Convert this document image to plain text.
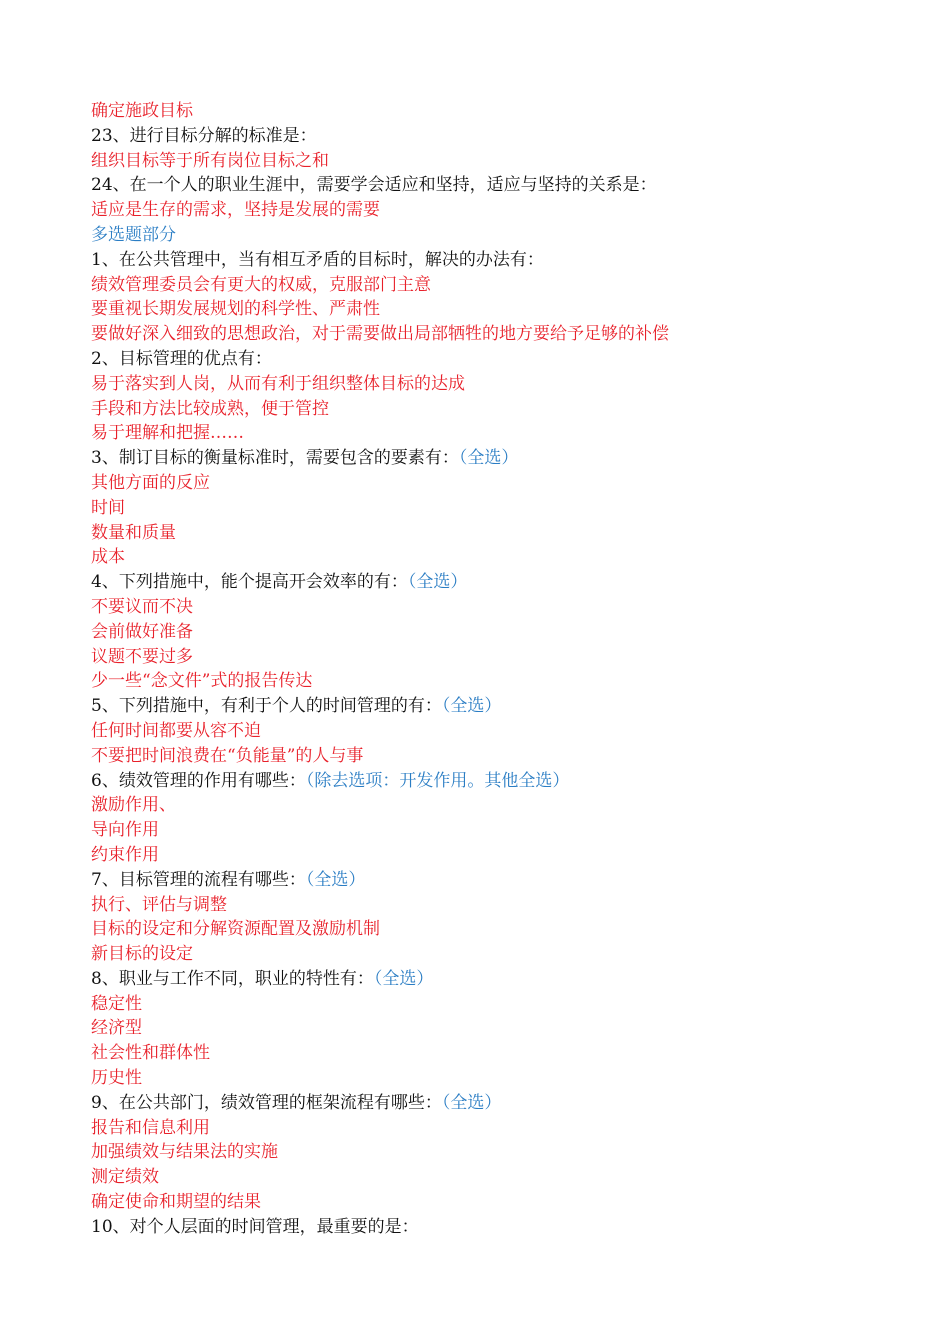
确定施政目标
23、进行目标分解的标准是：
组织目标等于所有岗位目标之和
24、在一个人的职业生涯中，需要学会适应和坚持，适应与坚持的关系是：
适应是生存的需求，坚持是发展的需要
多选题部分
1、在公共管理中，当有相互矛盾的目标时，解决的办法有：
绩效管理委员会有更大的权威，克服部门主意
要重视长期发展规划的科学性、严肃性
要做好深入细致的思想政治，对于需要做出局部牺牲的地方要给予足够的补偿
2、目标管理的优点有：
易于落实到人岗，从而有利于组织整体目标的达成
手段和方法比较成熟，便于管控
易于理解和把握……
3、制订目标的衡量标准时，需要包含的要素有：（全选）
其他方面的反应
时间
数量和质量
成本
4、下列措施中，能个提高开会效率的有：（全选）
不要议而不决
会前做好准备
议题不要过多
少一些“念文件”式的报告传达
5、下列措施中，有利于个人的时间管理的有：（全选）
任何时间都要从容不迫
不要把时间浪费在“负能量”的人与事
6、绩效管理的作用有哪些：（除去选项：开发作用。其他全选）
激励作用、
导向作用
约束作用
7、目标管理的流程有哪些：（全选）
执行、评估与调整
目标的设定和分解资源配置及激励机制
新目标的设定
8、职业与工作不同，职业的特性有：（全选）
稳定性
经济型
社会性和群体性
历史性
9、在公共部门，绩效管理的框架流程有哪些：（全选）
报告和信息利用
加强绩效与结果法的实施
测定绩效
确定使命和期望的结果
10、对个人层面的时间管理，最重要的是：
